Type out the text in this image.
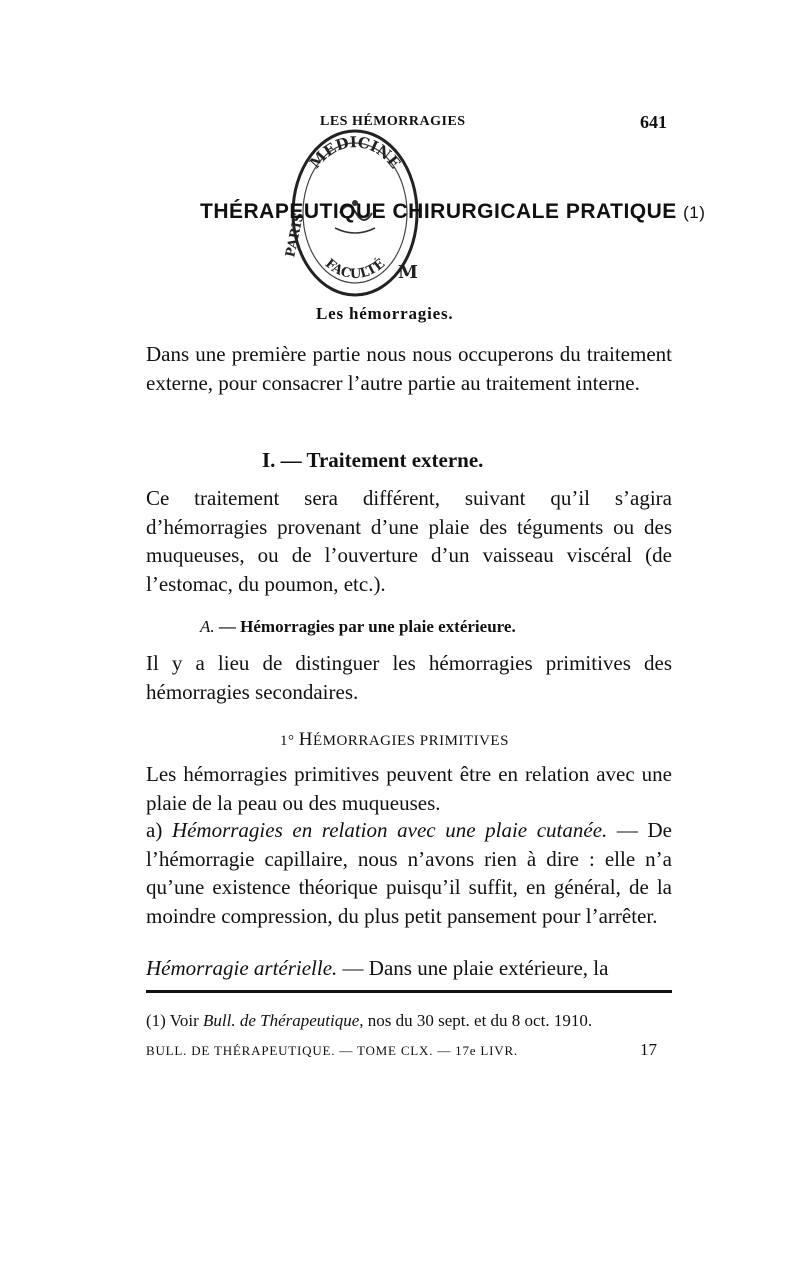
LES HÉMORRAGIES	641
MEDICINE
FACULTÉ
PARIS
M
THÉRAPEUTIQUE CHIRURGICALE PRATIQUE (1)
Les hémorragies.
Dans une première partie nous nous occuperons du traitement externe, pour consacrer l’autre partie au traitement interne.
I. — Traitement externe.
Ce traitement sera différent, suivant qu’il s’agira d’hémorragies provenant d’une plaie des téguments ou des muqueuses, ou de l’ouverture d’un vaisseau viscéral (de l’estomac, du poumon, etc.).
A. — Hémorragies par une plaie extérieure.
Il y a lieu de distinguer les hémorragies primitives des hémorragies secondaires.
1° HÉMORRAGIES PRIMITIVES
Les hémorragies primitives peuvent être en relation avec une plaie de la peau ou des muqueuses.
a) Hémorragies en relation avec une plaie cutanée. — De l’hémorragie capillaire, nous n’avons rien à dire : elle n’a qu’une existence théorique puisqu’il suffit, en général, de la moindre compression, du plus petit pansement pour l’arrêter.
Hémorragie artérielle. — Dans une plaie extérieure, la
(1) Voir Bull. de Thérapeutique, nos du 30 sept. et du 8 oct. 1910.
BULL. DE THÉRAPEUTIQUE. — TOME CLX. — 17e LIVR.	17
